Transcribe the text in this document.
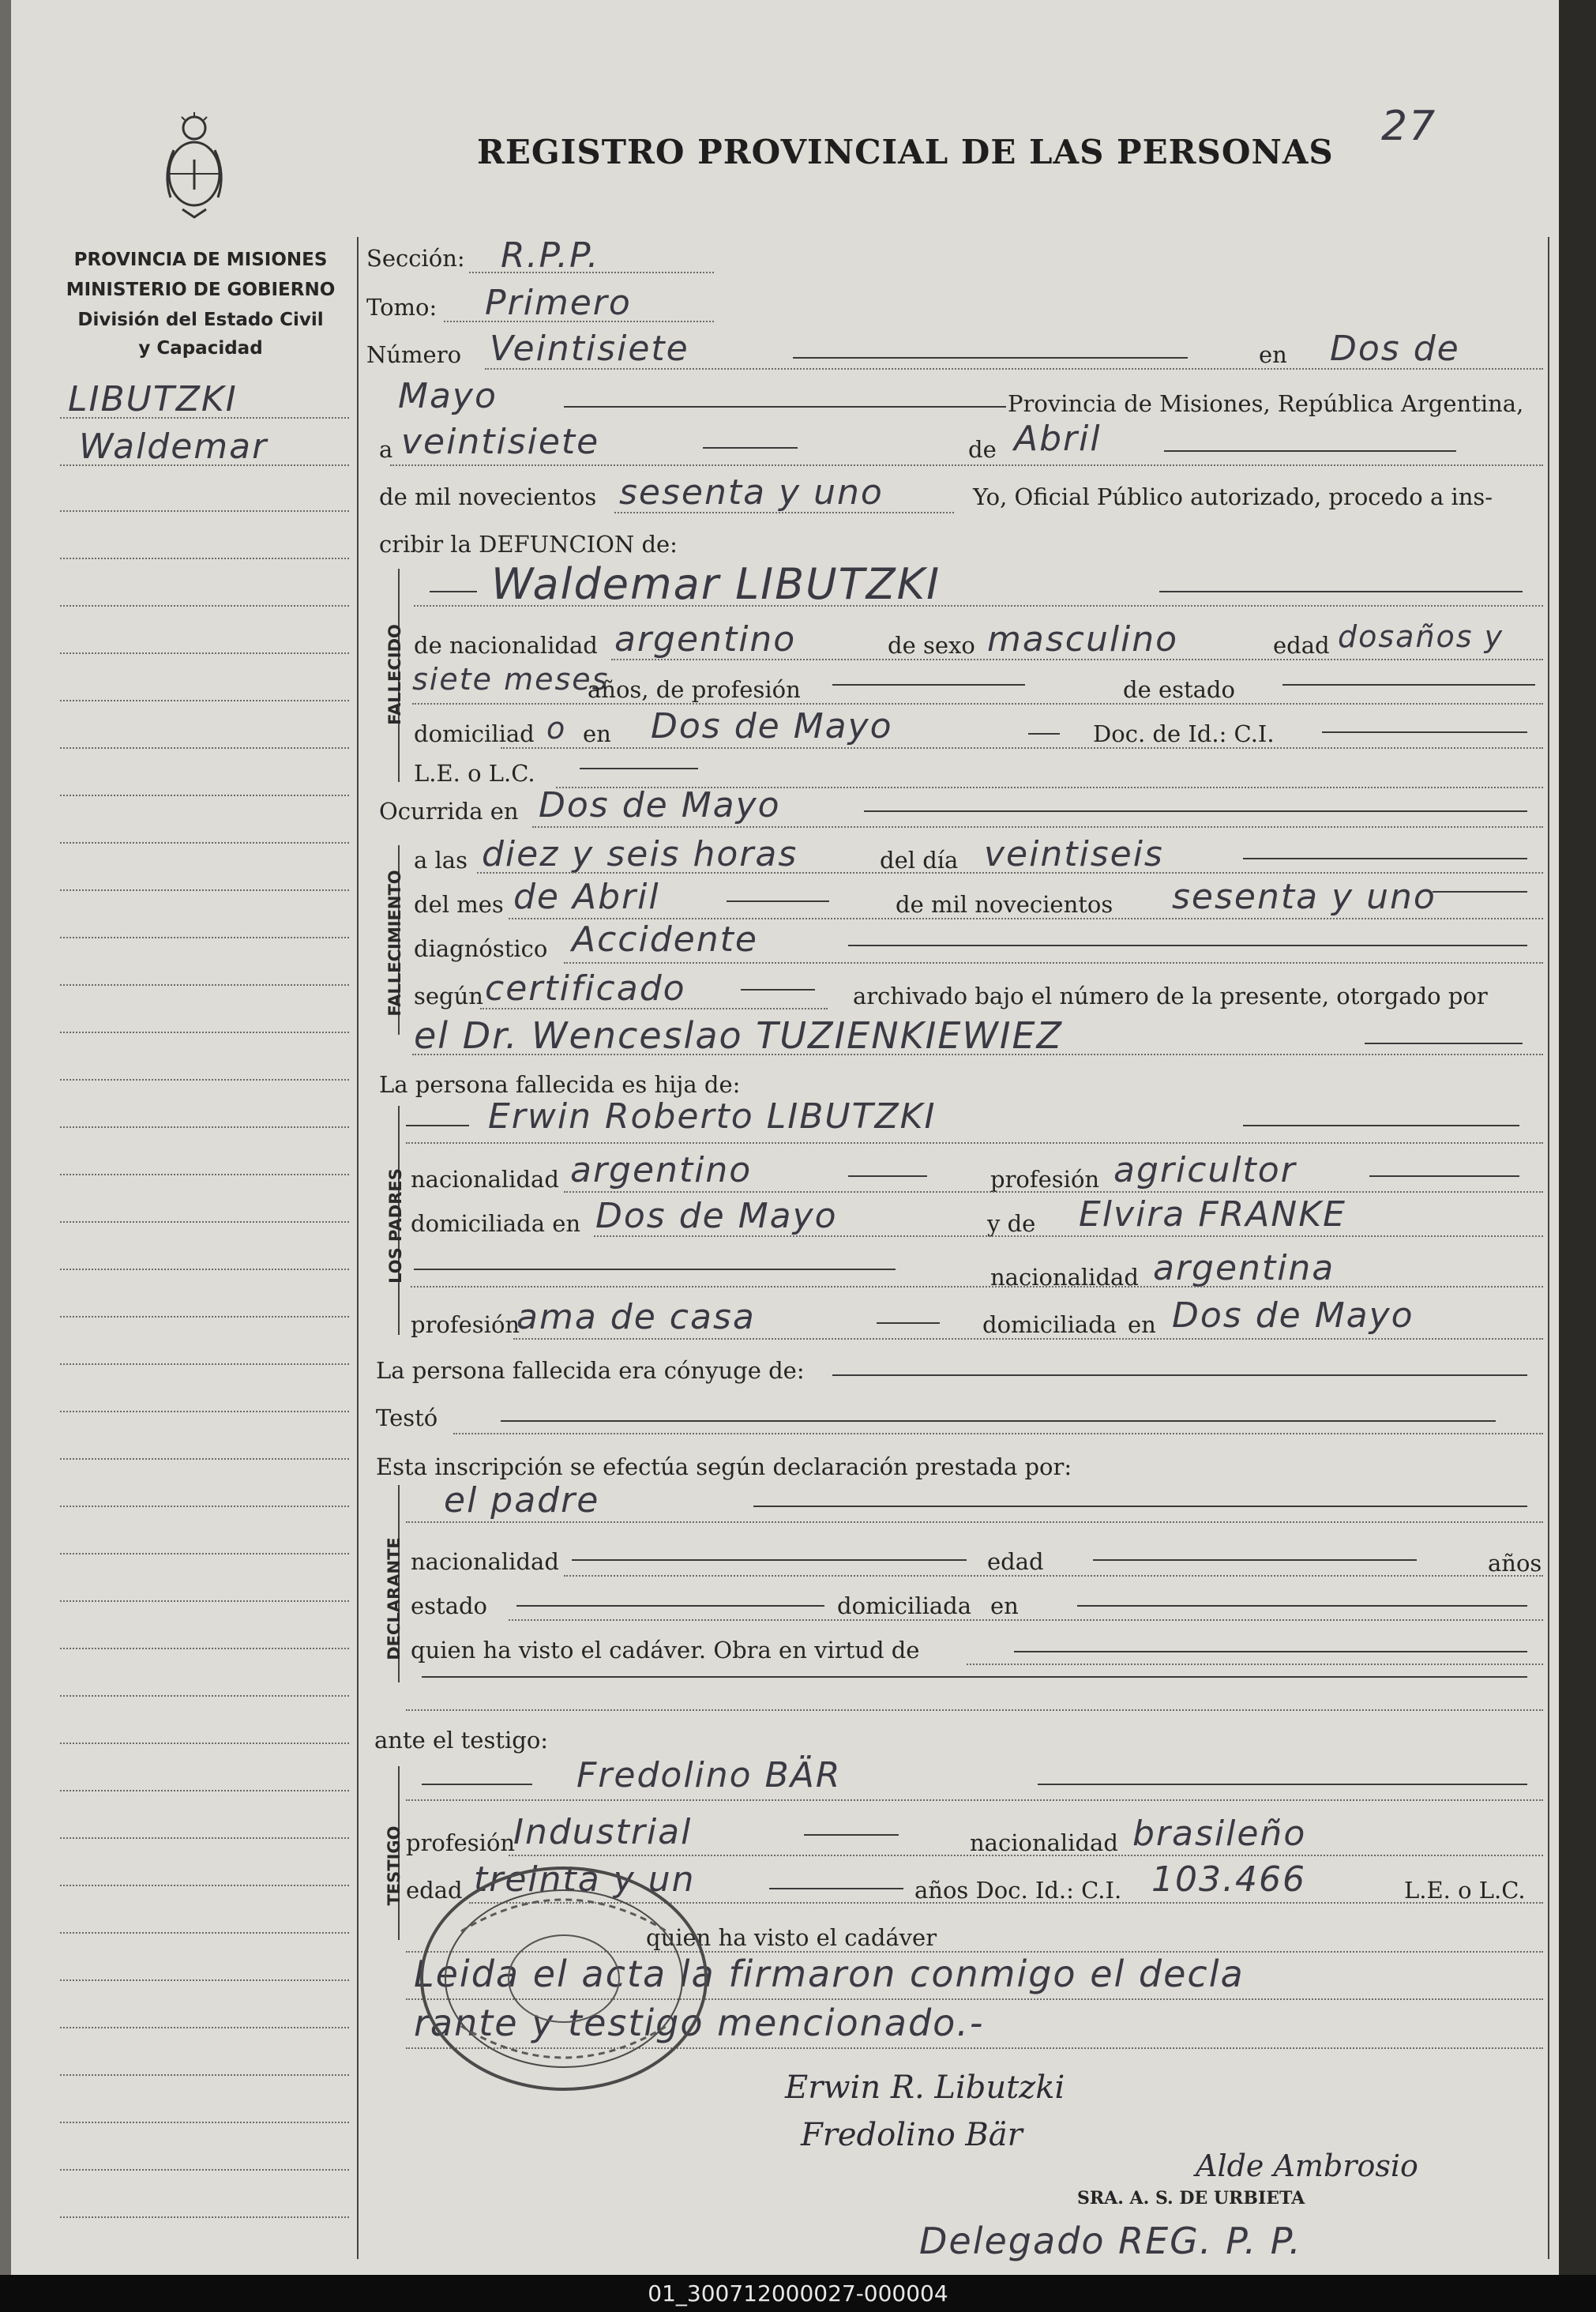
REGISTRO PROVINCIAL DE LAS PERSONAS
27
PROVINCIA DE MISIONES
MINISTERIO DE GOBIERNO
División del Estado Civil
y Capacidad
LIBUTZKI
Waldemar
Sección: R.P.P.
Tomo: Primero
Número Veintisiete	en Dos de
Mayo	Provincia de Misiones, República Argentina,
a veintisiete	de Abril
de mil novecientos sesenta y uno	Yo, Oficial Público autorizado, procedo a ins-
cribir la DEFUNCION de:
FALLECIDO
Waldemar LIBUTZKI
de nacionalidad argentino	de sexo masculino	edad dosaños y
siete meses
años, de profesión	de estado
domiciliad o en Dos de Mayo	Doc. de Id.: C.I.
L.E. o L.C.
Ocurrida en Dos de Mayo
FALLECIMIENTO
a las diez y seis horas	del día veintiseis
del mes de Abril	de mil novecientos sesenta y uno
diagnóstico Accidente
según certificado	archivado bajo el número de la presente, otorgado por
el Dr. Wenceslao TUZIENKIEWIEZ
La persona fallecida es hija de:
LOS PADRES
Erwin Roberto LIBUTZKI
nacionalidad argentino	profesión agricultor
domiciliada en Dos de Mayo	y de Elvira FRANKE
nacionalidad argentina
profesión
ama de casa	domiciliada en Dos de Mayo
La persona fallecida era cónyuge de:
Testó
Esta inscripción se efectúa según declaración prestada por:
DECLARANTE
el padre
nacionalidad	edad	años
estado	domiciliada en
quien ha visto el cadáver. Obra en virtud de
ante el testigo:
TESTIGO
Fredolino BÄR
profesión
Industrial	nacionalidad brasileño
edad treinta y un	años Doc. Id.: C.I. 103.466	L.E. o L.C.
quien ha visto el cadáver
Leida el acta la firmaron conmigo el decla
rante y testigo mencionado.-
Erwin R. Libutzki
Fredolino Bär
Alde Ambrosio
SRA. A. S. DE URBIETA
Delegado REG. P. P.
01_300712000027-000004
